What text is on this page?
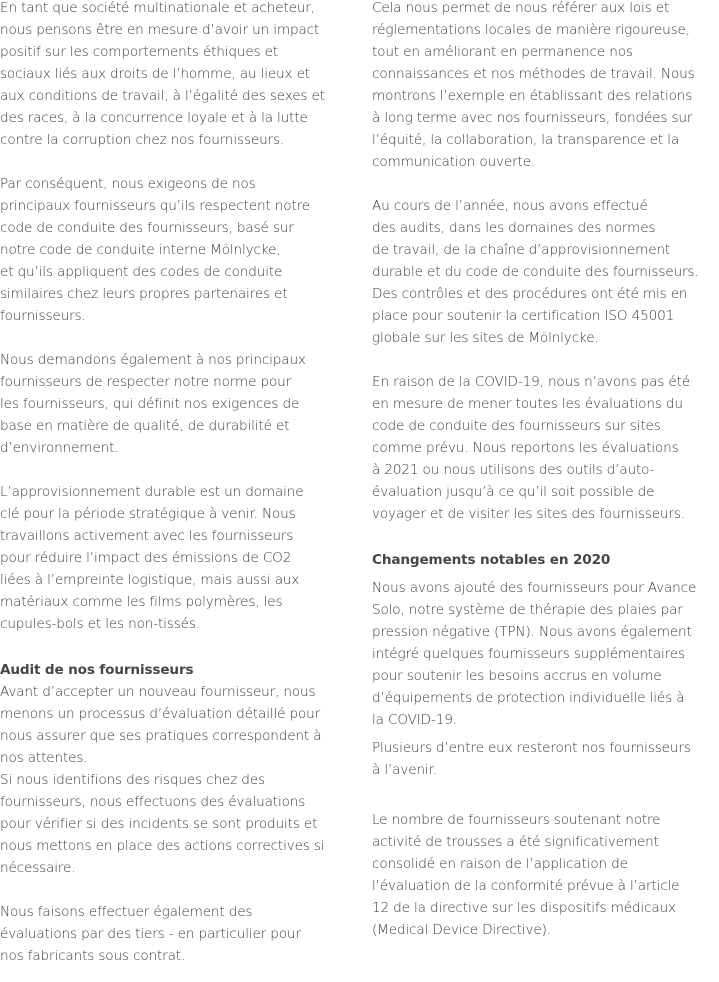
En tant que société multinationale et acheteur,
nous pensons être en mesure d’avoir un impact
positif sur les comportements éthiques et
sociaux liés aux droits de l’homme, au lieux et
aux conditions de travail, à l’égalité des sexes et
des races, à la concurrence loyale et à la lutte
contre la corruption chez nos fournisseurs.
Par conséquent, nous exigeons de nos
principaux fournisseurs qu’ils respectent notre
code de conduite des fournisseurs, basé sur
notre code de conduite interne Mölnlycke,
et qu’ils appliquent des codes de conduite
similaires chez leurs propres partenaires et
fournisseurs.
Nous demandons également à nos principaux
fournisseurs de respecter notre norme pour
les fournisseurs, qui définit nos exigences de
base en matière de qualité, de durabilité et
d’environnement.
L’approvisionnement durable est un domaine
clé pour la période stratégique à venir. Nous
travaillons activement avec les fournisseurs
pour réduire l’impact des émissions de CO2
liées à l’empreinte logistique, mais aussi aux
matériaux comme les films polymères, les
cupules-bols et les non-tissés.
Audit de nos fournisseurs
Avant d’accepter un nouveau fournisseur, nous
menons un processus d’évaluation détaillé pour
nous assurer que ses pratiques correspondent à
nos attentes.
Si nous identifions des risques chez des
fournisseurs, nous effectuons des évaluations
pour vérifier si des incidents se sont produits et
nous mettons en place des actions correctives si
nécessaire.
Nous faisons effectuer également des
évaluations par des tiers - en particulier pour
nos fabricants sous contrat.
Cela nous permet de nous référer aux lois et
réglementations locales de manière rigoureuse,
tout en améliorant en permanence nos
connaissances et nos méthodes de travail. Nous
montrons l’exemple en établissant des relations
à long terme avec nos fournisseurs, fondées sur
l’équité, la collaboration, la transparence et la
communication ouverte.
Au cours de l’année, nous avons effectué
des audits, dans les domaines des normes
de travail, de la chaîne d’approvisionnement
durable et du code de conduite des fournisseurs.
Des contrôles et des procédures ont été mis en
place pour soutenir la certification ISO 45001
globale sur les sites de Mölnlycke.
En raison de la COVID-19, nous n’avons pas été
en mesure de mener toutes les évaluations du
code de conduite des fournisseurs sur sites
comme prévu. Nous reportons les évaluations
à 2021 ou nous utilisons des outils d’auto-
évaluation jusqu’à ce qu’il soit possible de
voyager et de visiter les sites des fournisseurs.
Changements notables en 2020
Nous avons ajouté des fournisseurs pour Avance
Solo, notre système de thérapie des plaies par
pression négative (TPN). Nous avons également
intégré quelques fournisseurs supplémentaires
pour soutenir les besoins accrus en volume
d’équipements de protection individuelle liés à
la COVID-19.
Plusieurs d’entre eux resteront nos fournisseurs
à l’avenir.
Le nombre de fournisseurs soutenant notre
activité de trousses a été significativement
consolidé en raison de l’application de
l’évaluation de la conformité prévue à l’article
12 de la directive sur les dispositifs médicaux
(Medical Device Directive).
